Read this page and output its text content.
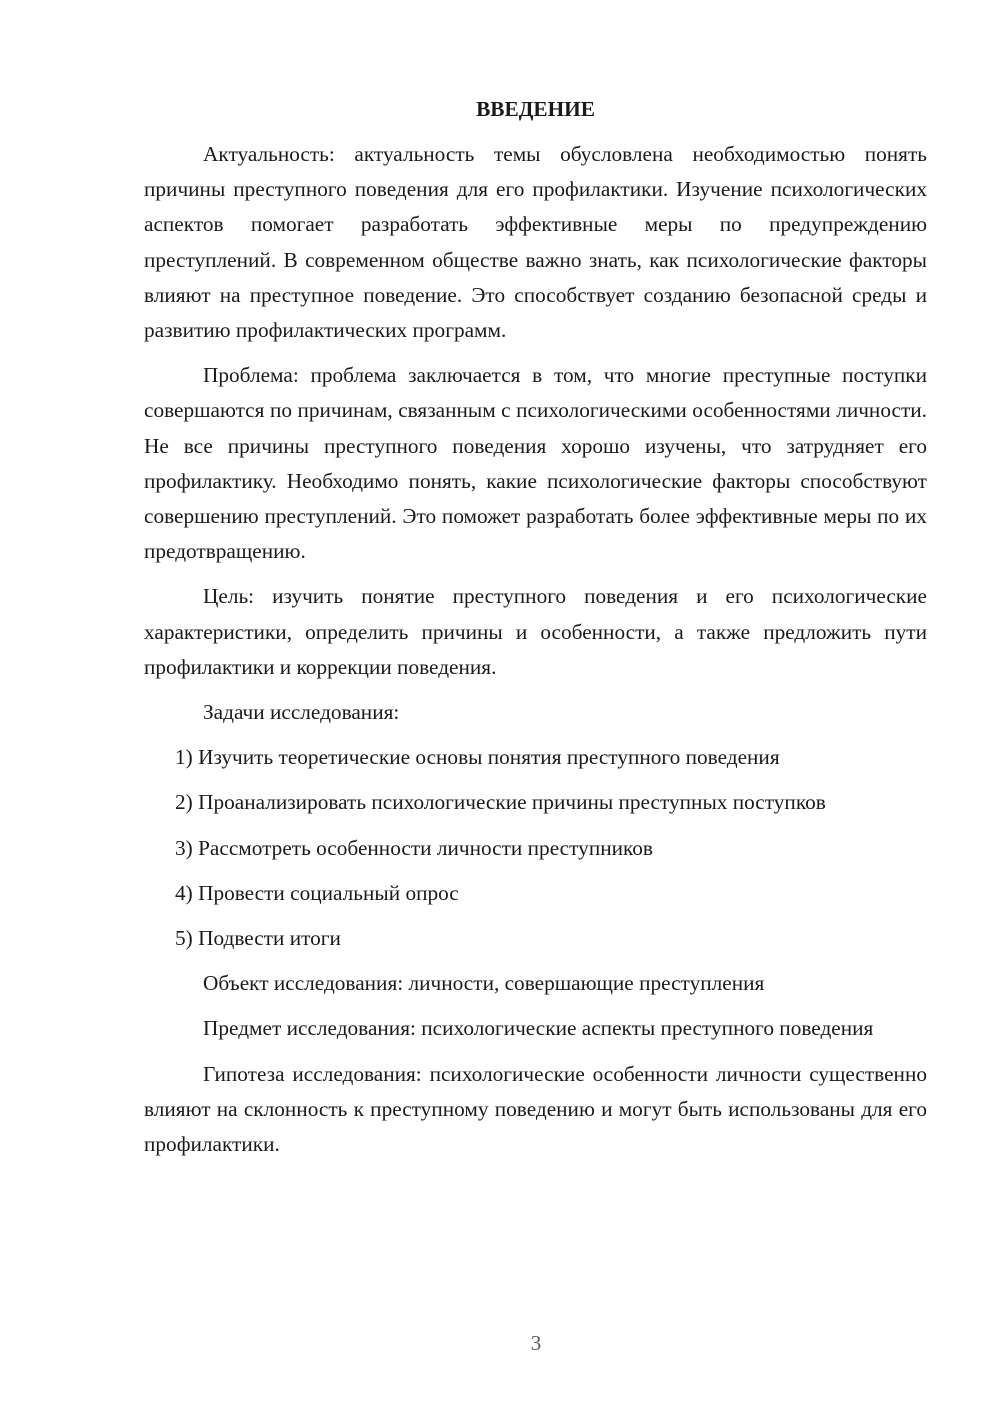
ВВЕДЕНИЕ

Актуальность: актуальность темы обусловлена необходимостью понять причины преступного поведения для его профилактики. Изучение психологических аспектов помогает разработать эффективные меры по предупреждению преступлений. В современном обществе важно знать, как психологические факторы влияют на преступное поведение. Это способствует созданию безопасной среды и развитию профилактических программ.

Проблема: проблема заключается в том, что многие преступные поступки совершаются по причинам, связанным с психологическими особенностями личности. Не все причины преступного поведения хорошо изучены, что затрудняет его профилактику. Необходимо понять, какие психологические факторы способствуют совершению преступлений. Это поможет разработать более эффективные меры по их предотвращению.

Цель: изучить понятие преступного поведения и его психологические характеристики, определить причины и особенности, а также предложить пути профилактики и коррекции поведения.

Задачи исследования:

1) Изучить теоретические основы понятия преступного поведения

2) Проанализировать психологические причины преступных поступков

3) Рассмотреть особенности личности преступников

4) Провести социальный опрос

5) Подвести итоги

Объект исследования: личности, совершающие преступления

Предмет исследования: психологические аспекты преступного поведения

Гипотеза исследования: психологические особенности личности существенно влияют на склонность к преступному поведению и могут быть использованы для его профилактики.

3
